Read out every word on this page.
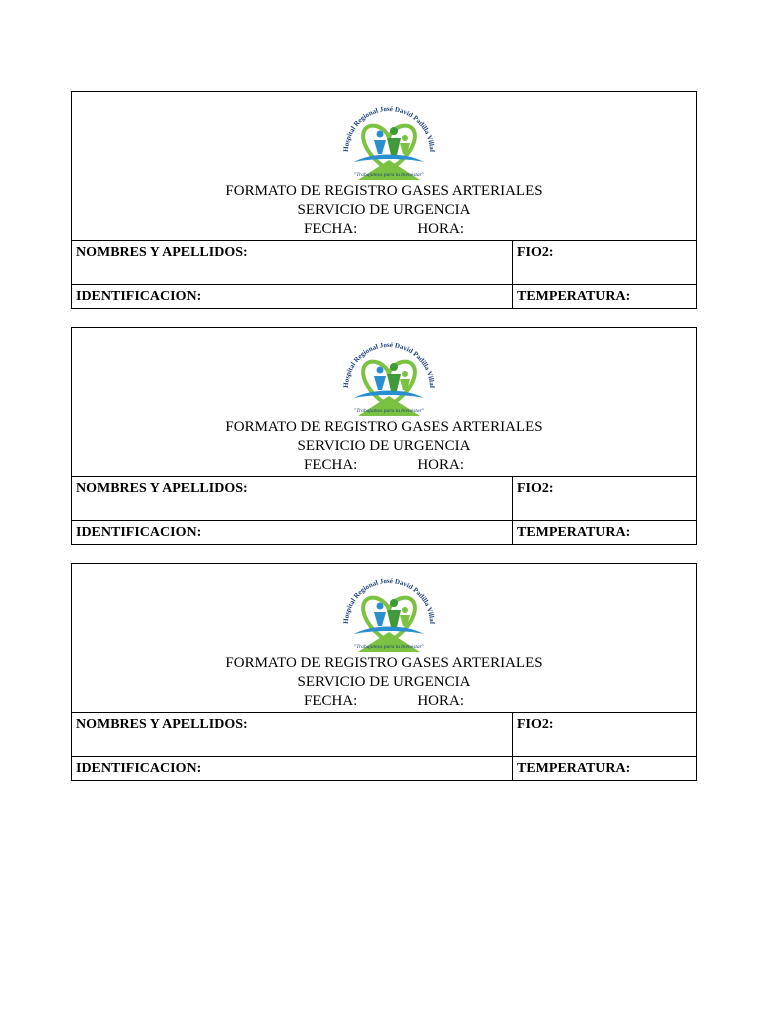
Hospital Regional José David Padilla Villaf
"Trabajamos para tu bienestar"
FORMATO DE REGISTRO GASES ARTERIALES
SERVICIO DE URGENCIA
FECHA:	HORA:
NOMBRES Y APELLIDOS:	FIO2:
IDENTIFICACION:	TEMPERATURA:
Hospital Regional José David Padilla Villaf
"Trabajamos para tu bienestar"
FORMATO DE REGISTRO GASES ARTERIALES
SERVICIO DE URGENCIA
FECHA:	HORA:
NOMBRES Y APELLIDOS:	FIO2:
IDENTIFICACION:	TEMPERATURA:
Hospital Regional José David Padilla Villaf
"Trabajamos para tu bienestar"
FORMATO DE REGISTRO GASES ARTERIALES
SERVICIO DE URGENCIA
FECHA:	HORA:
NOMBRES Y APELLIDOS:	FIO2:
IDENTIFICACION:	TEMPERATURA:
